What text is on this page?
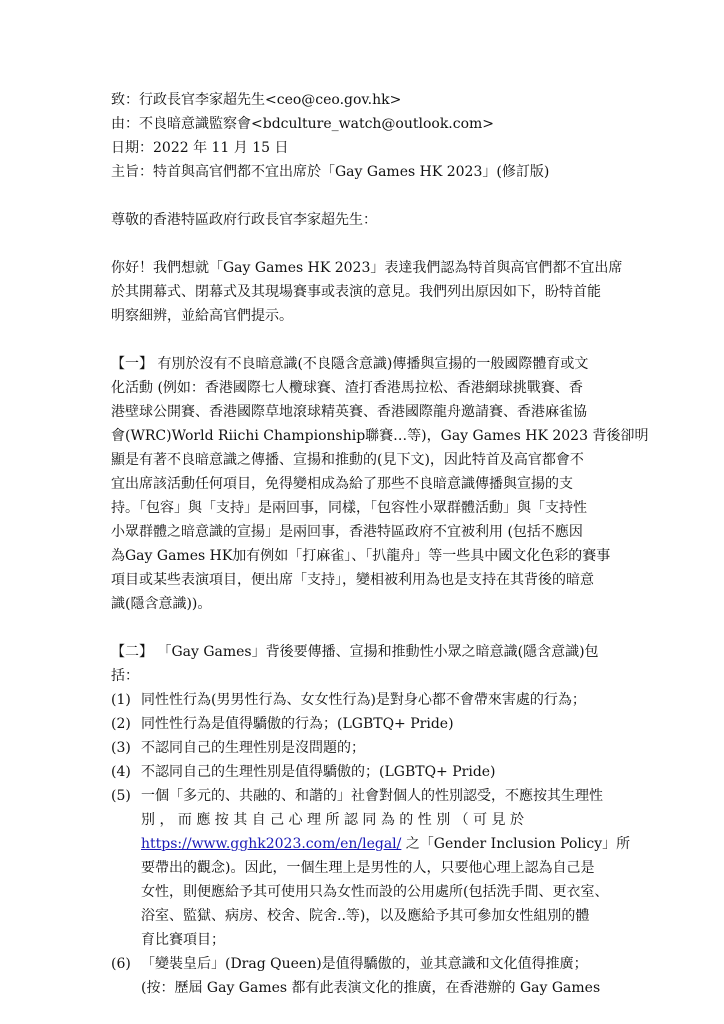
致：行政長官李家超先生<ceo@ceo.gov.hk>

由：不良暗意識監察會<bdculture_watch@outlook.com>

日期：2022 年 11 月 15 日

主旨：特首與高官們都不宜出席於「Gay Games HK 2023」(修訂版)

尊敬的香港特區政府行政長官李家超先生：

你好！我們想就「Gay Games HK 2023」表達我們認為特首與高官們都不宜出席

於其開幕式、閉幕式及其現場賽事或表演的意見。我們列出原因如下，盼特首能

明察細辨，並給高官們提示。

【一】 有別於沒有不良暗意識(不良隱含意識)傳播與宣揚的一般國際體育或文

化活動 (例如：香港國際七人欖球賽、渣打香港馬拉松、香港網球挑戰賽、香

港壁球公開賽、香港國際草地滾球精英賽、香港國際龍舟邀請賽、香港麻雀協

會(WRC)World Riichi Championship聯賽…等)，Gay Games HK 2023 背後卻明

顯是有著不良暗意識之傳播、宣揚和推動的(見下文)，因此特首及高官都會不

宜出席該活動任何項目，免得變相成為給了那些不良暗意識傳播與宣揚的支

持。「包容」與「支持」是兩回事，同樣，「包容性小眾群體活動」與「支持性

小眾群體之暗意識的宣揚」是兩回事，香港特區政府不宜被利用 (包括不應因

為Gay Games HK加有例如「打麻雀」、「扒龍舟」等一些具中國文化色彩的賽事

項目或某些表演項目，便出席「支持」，變相被利用為也是支持在其背後的暗意

識(隱含意識))。

【二】 「Gay Games」背後要傳播、宣揚和推動性小眾之暗意識(隱含意識)包

括：

(1) 同性性行為(男男性行為、女女性行為)是對身心都不會帶來害處的行為；
(2) 同性性行為是值得驕傲的行為；(LGBTQ+ Pride)
(3) 不認同自己的生理性別是沒問題的；
(4) 不認同自己的生理性別是值得驕傲的；(LGBTQ+ Pride)
(5) 一個「多元的、共融的、和諧的」社會對個人的性別認受，不應按其生理性

別 ， 而 應 按 其 自 己 心 理 所 認 同 為 的 性 別 （ 可 見 於

https://www.gghk2023.com/en/legal/ 之「Gender Inclusion Policy」所

要帶出的觀念)。因此，一個生理上是男性的人，只要他心理上認為自己是

女性，則便應給予其可使用只為女性而設的公用處所(包括洗手間、更衣室、

浴室、監獄、病房、校舍、院舍..等)，以及應給予其可參加女性組別的體

育比賽項目；

(6) 「變裝皇后」(Drag Queen)是值得驕傲的，並其意識和文化值得推廣；

(按：歷屆 Gay Games 都有此表演文化的推廣，在香港辦的 Gay Games
